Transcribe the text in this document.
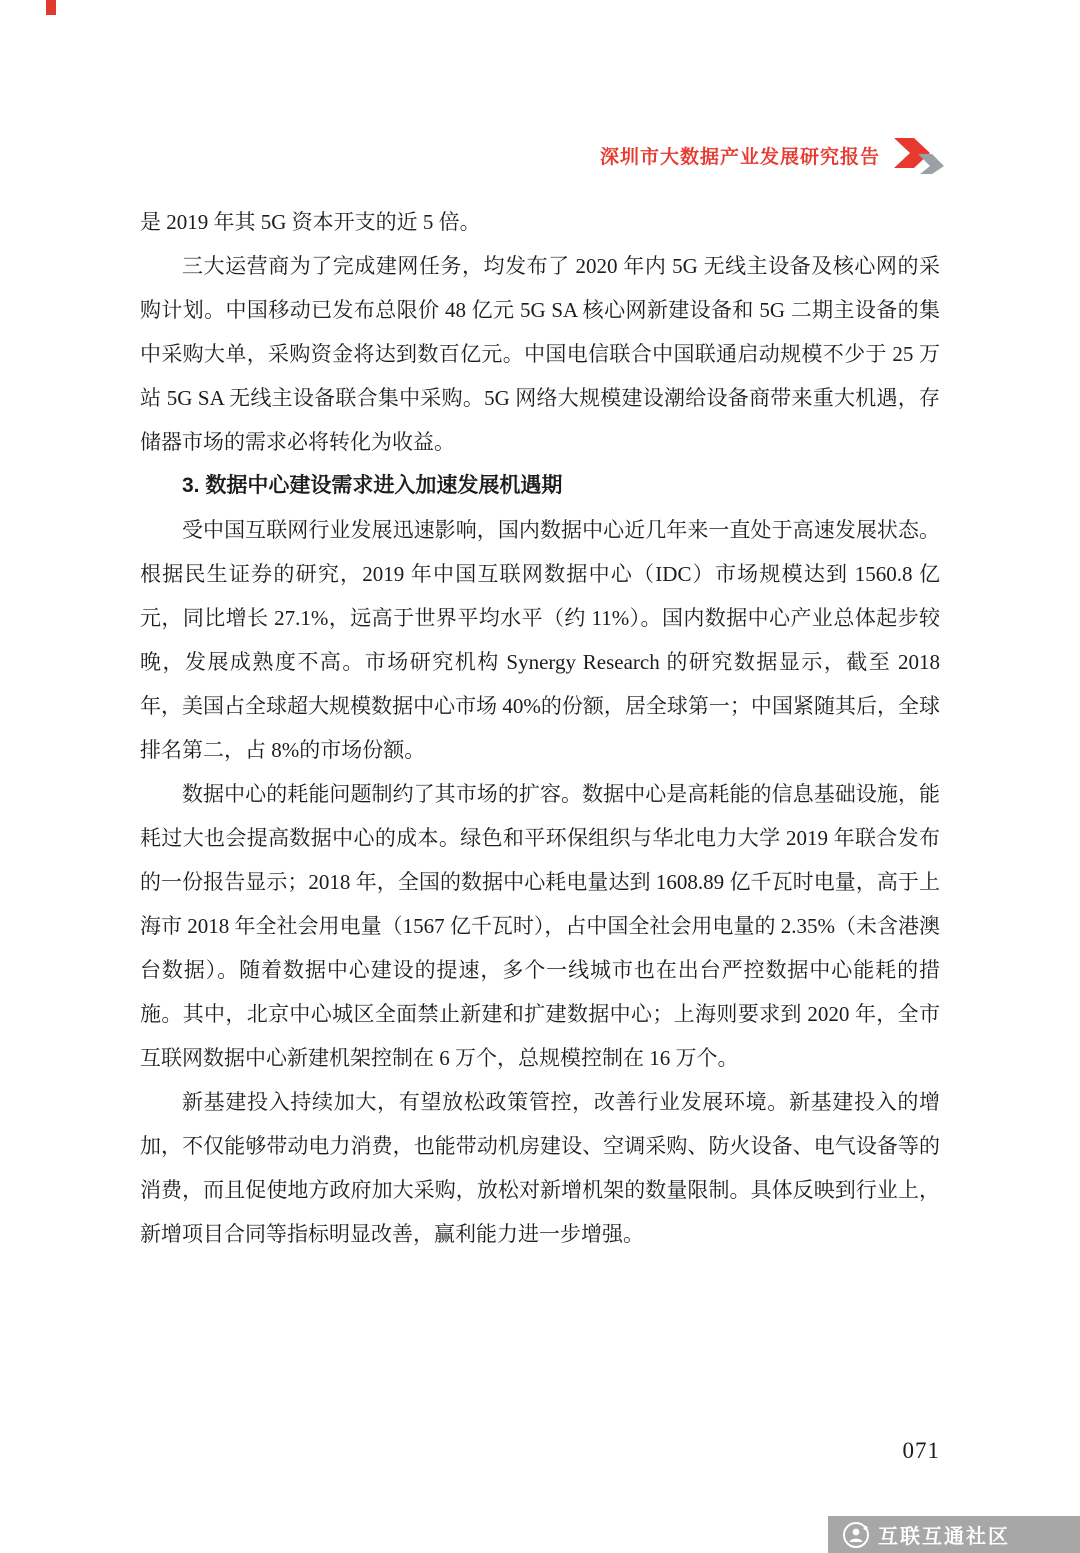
深圳市大数据产业发展研究报告

是 2019 年其 5G 资本开支的近 5 倍。

三大运营商为了完成建网任务，均发布了 2020 年内 5G 无线主设备及核心网的采购计划。中国移动已发布总限价 48 亿元 5G SA 核心网新建设备和 5G 二期主设备的集中采购大单，采购资金将达到数百亿元。中国电信联合中国联通启动规模不少于 25 万站 5G SA 无线主设备联合集中采购。5G 网络大规模建设潮给设备商带来重大机遇，存储器市场的需求必将转化为收益。

3. 数据中心建设需求进入加速发展机遇期

受中国互联网行业发展迅速影响，国内数据中心近几年来一直处于高速发展状态。根据民生证券的研究，2019 年中国互联网数据中心（IDC）市场规模达到 1560.8 亿元，同比增长 27.1%，远高于世界平均水平（约 11%）。国内数据中心产业总体起步较晚，发展成熟度不高。市场研究机构 Synergy Research 的研究数据显示，截至 2018 年，美国占全球超大规模数据中心市场 40%的份额，居全球第一；中国紧随其后，全球排名第二，占 8%的市场份额。

数据中心的耗能问题制约了其市场的扩容。数据中心是高耗能的信息基础设施，能耗过大也会提高数据中心的成本。绿色和平环保组织与华北电力大学 2019 年联合发布的一份报告显示；2018 年，全国的数据中心耗电量达到 1608.89 亿千瓦时电量，高于上海市 2018 年全社会用电量（1567 亿千瓦时），占中国全社会用电量的 2.35%（未含港澳台数据）。随着数据中心建设的提速，多个一线城市也在出台严控数据中心能耗的措施。其中，北京中心城区全面禁止新建和扩建数据中心；上海则要求到 2020 年，全市互联网数据中心新建机架控制在 6 万个，总规模控制在 16 万个。

新基建投入持续加大，有望放松政策管控，改善行业发展环境。新基建投入的增加，不仅能够带动电力消费，也能带动机房建设、空调采购、防火设备、电气设备等的消费，而且促使地方政府加大采购，放松对新增机架的数量限制。具体反映到行业上，新增项目合同等指标明显改善，赢利能力进一步增强。

071
互联互通社区
